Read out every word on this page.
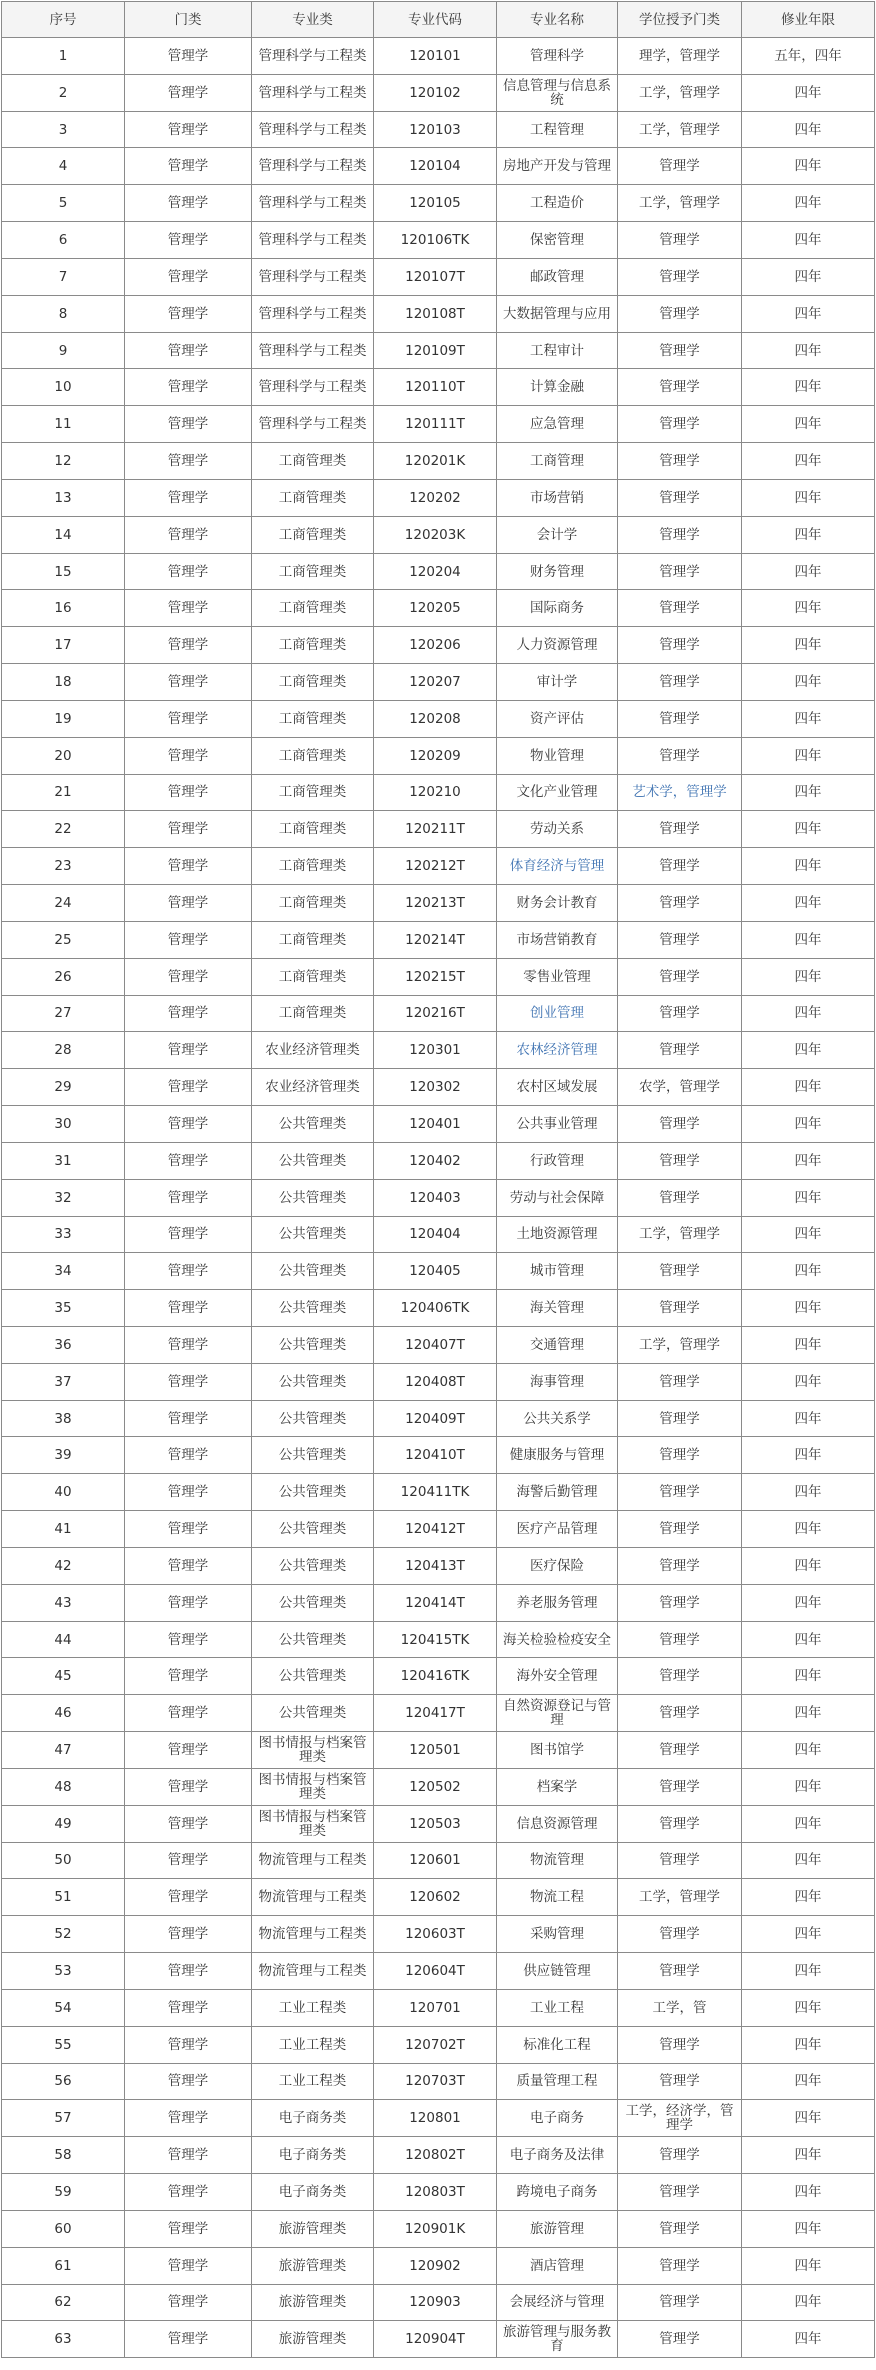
序号	门类	专业类	专业代码	专业名称	学位授予门类	修业年限
1	管理学	管理科学与工程类	120101	管理科学	理学，管理学	五年，四年
2	管理学	管理科学与工程类	120102	信息管理与信息系统	工学，管理学	四年
3	管理学	管理科学与工程类	120103	工程管理	工学，管理学	四年
4	管理学	管理科学与工程类	120104	房地产开发与管理	管理学	四年
5	管理学	管理科学与工程类	120105	工程造价	工学，管理学	四年
6	管理学	管理科学与工程类	120106TK	保密管理	管理学	四年
7	管理学	管理科学与工程类	120107T	邮政管理	管理学	四年
8	管理学	管理科学与工程类	120108T	大数据管理与应用	管理学	四年
9	管理学	管理科学与工程类	120109T	工程审计	管理学	四年
10	管理学	管理科学与工程类	120110T	计算金融	管理学	四年
11	管理学	管理科学与工程类	120111T	应急管理	管理学	四年
12	管理学	工商管理类	120201K	工商管理	管理学	四年
13	管理学	工商管理类	120202	市场营销	管理学	四年
14	管理学	工商管理类	120203K	会计学	管理学	四年
15	管理学	工商管理类	120204	财务管理	管理学	四年
16	管理学	工商管理类	120205	国际商务	管理学	四年
17	管理学	工商管理类	120206	人力资源管理	管理学	四年
18	管理学	工商管理类	120207	审计学	管理学	四年
19	管理学	工商管理类	120208	资产评估	管理学	四年
20	管理学	工商管理类	120209	物业管理	管理学	四年
21	管理学	工商管理类	120210	文化产业管理	艺术学，管理学	四年
22	管理学	工商管理类	120211T	劳动关系	管理学	四年
23	管理学	工商管理类	120212T	体育经济与管理	管理学	四年
24	管理学	工商管理类	120213T	财务会计教育	管理学	四年
25	管理学	工商管理类	120214T	市场营销教育	管理学	四年
26	管理学	工商管理类	120215T	零售业管理	管理学	四年
27	管理学	工商管理类	120216T	创业管理	管理学	四年
28	管理学	农业经济管理类	120301	农林经济管理	管理学	四年
29	管理学	农业经济管理类	120302	农村区域发展	农学，管理学	四年
30	管理学	公共管理类	120401	公共事业管理	管理学	四年
31	管理学	公共管理类	120402	行政管理	管理学	四年
32	管理学	公共管理类	120403	劳动与社会保障	管理学	四年
33	管理学	公共管理类	120404	土地资源管理	工学，管理学	四年
34	管理学	公共管理类	120405	城市管理	管理学	四年
35	管理学	公共管理类	120406TK	海关管理	管理学	四年
36	管理学	公共管理类	120407T	交通管理	工学，管理学	四年
37	管理学	公共管理类	120408T	海事管理	管理学	四年
38	管理学	公共管理类	120409T	公共关系学	管理学	四年
39	管理学	公共管理类	120410T	健康服务与管理	管理学	四年
40	管理学	公共管理类	120411TK	海警后勤管理	管理学	四年
41	管理学	公共管理类	120412T	医疗产品管理	管理学	四年
42	管理学	公共管理类	120413T	医疗保险	管理学	四年
43	管理学	公共管理类	120414T	养老服务管理	管理学	四年
44	管理学	公共管理类	120415TK	海关检验检疫安全	管理学	四年
45	管理学	公共管理类	120416TK	海外安全管理	管理学	四年
46	管理学	公共管理类	120417T	自然资源登记与管理	管理学	四年
47	管理学	图书情报与档案管理类	120501	图书馆学	管理学	四年
48	管理学	图书情报与档案管理类	120502	档案学	管理学	四年
49	管理学	图书情报与档案管理类	120503	信息资源管理	管理学	四年
50	管理学	物流管理与工程类	120601	物流管理	管理学	四年
51	管理学	物流管理与工程类	120602	物流工程	工学，管理学	四年
52	管理学	物流管理与工程类	120603T	采购管理	管理学	四年
53	管理学	物流管理与工程类	120604T	供应链管理	管理学	四年
54	管理学	工业工程类	120701	工业工程	工学，管	四年
55	管理学	工业工程类	120702T	标准化工程	管理学	四年
56	管理学	工业工程类	120703T	质量管理工程	管理学	四年
57	管理学	电子商务类	120801	电子商务	工学，经济学，管理学	四年
58	管理学	电子商务类	120802T	电子商务及法律	管理学	四年
59	管理学	电子商务类	120803T	跨境电子商务	管理学	四年
60	管理学	旅游管理类	120901K	旅游管理	管理学	四年
61	管理学	旅游管理类	120902	酒店管理	管理学	四年
62	管理学	旅游管理类	120903	会展经济与管理	管理学	四年
63	管理学	旅游管理类	120904T	旅游管理与服务教育	管理学	四年
